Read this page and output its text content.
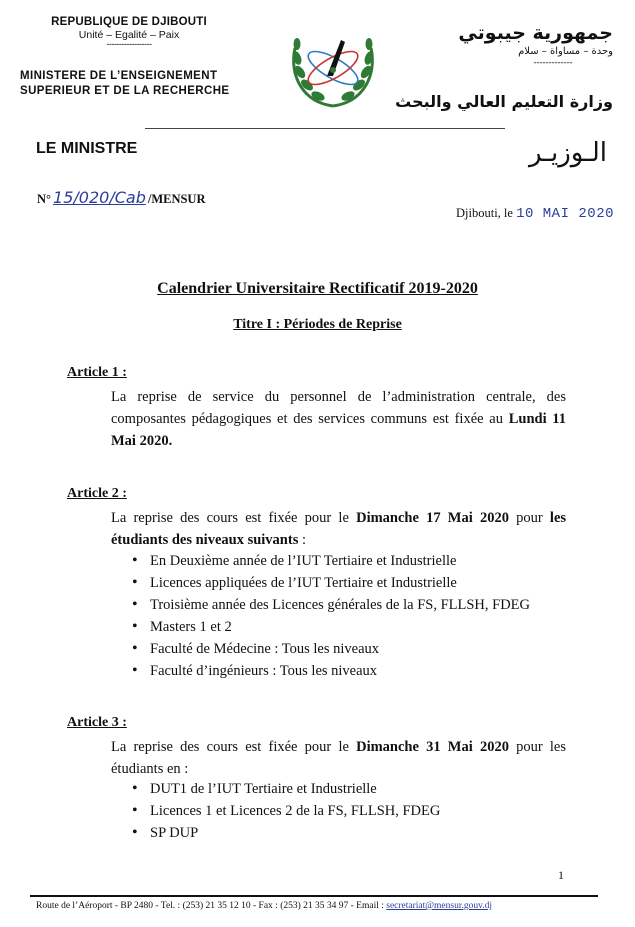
REPUBLIQUE DE DJIBOUTI
Unité – Egalité – Paix
------------------
MINISTERE DE L’ENSEIGNEMENT
SUPERIEUR ET DE LA RECHERCHE
جمهورية جيبوتي
وحدة – مساواة – سلام
-------------
وزارة التعليم العالي والبحث
LE MINISTRE	الـوزيـر
N° 15/020/Cab /MENSUR
Djibouti, le 10 MAI 2020
Calendrier Universitaire Rectificatif 2019-2020
Titre I : Périodes de Reprise
Article 1 :
La reprise de service du personnel de l’administration centrale, des composantes pédagogiques et des services communs est fixée au Lundi 11 Mai 2020.
Article 2 :
La reprise des cours est fixée pour le Dimanche 17 Mai 2020 pour les étudiants des niveaux suivants :
• En Deuxième année de l’IUT Tertiaire et Industrielle
• Licences appliquées de l’IUT Tertiaire et Industrielle
• Troisième année des Licences générales de la FS, FLLSH, FDEG
• Masters 1 et 2
• Faculté de Médecine : Tous les niveaux
• Faculté d’ingénieurs : Tous les niveaux
Article 3 :
La reprise des cours est fixée pour le Dimanche 31 Mai 2020 pour les étudiants en :
• DUT1 de l’IUT Tertiaire et Industrielle
• Licences 1 et Licences 2 de la FS, FLLSH, FDEG
• SP DUP
1
Route de l’Aéroport - BP 2480 - Tel. : (253) 21 35 12 10 - Fax : (253) 21 35 34 97 - Email : secretariat@mensur.gouv.dj
